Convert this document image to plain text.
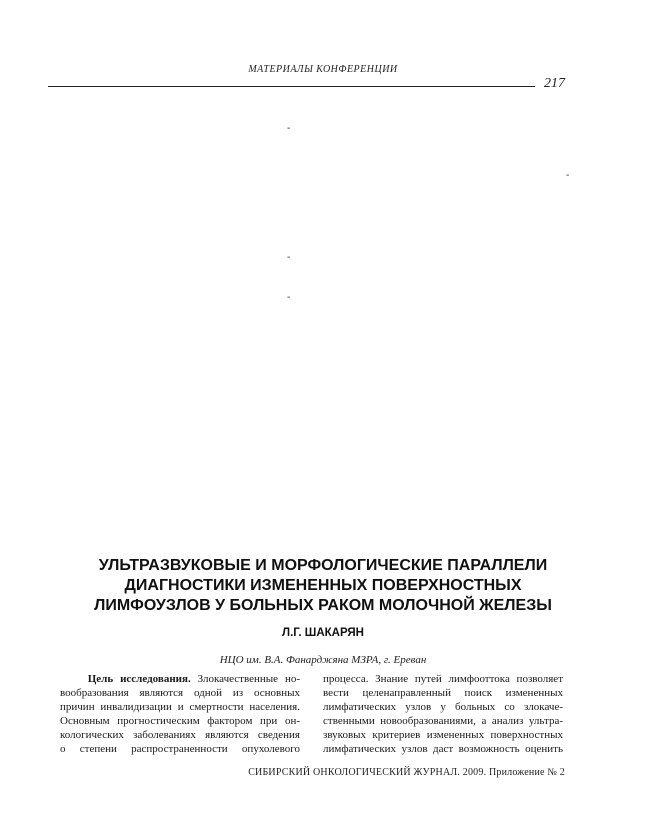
МАТЕРИАЛЫ КОНФЕРЕНЦИИ
217
-
-
-
-
УЛЬТРАЗВУКОВЫЕ И МОРФОЛОГИЧЕСКИЕ ПАРАЛЛЕЛИ
ДИАГНОСТИКИ ИЗМЕНЕННЫХ ПОВЕРХНОСТНЫХ
ЛИМФОУЗЛОВ У БОЛЬНЫХ РАКОМ МОЛОЧНОЙ ЖЕЛЕЗЫ
Л.Г. ШАКАРЯН
НЦО им. В.А. Фанарджяна МЗРА, г. Ереван
Цель исследования. Злокачественные но-
вообразования являются одной из основных
причин инвалидизации и смертности населения.
Основным прогностическим фактором при он-
кологических заболеваниях являются сведения
о степени распространенности опухолевого
процесса. Знание путей лимфооттока позволяет
вести целенаправленный поиск измененных
лимфатических узлов у больных со злокаче-
ственными новообразованиями, а анализ ультра-
звуковых критериев измененных поверхностных
лимфатических узлов даст возможность оценить
СИБИРСКИЙ ОНКОЛОГИЧЕСКИЙ ЖУРНАЛ. 2009. Приложение № 2
